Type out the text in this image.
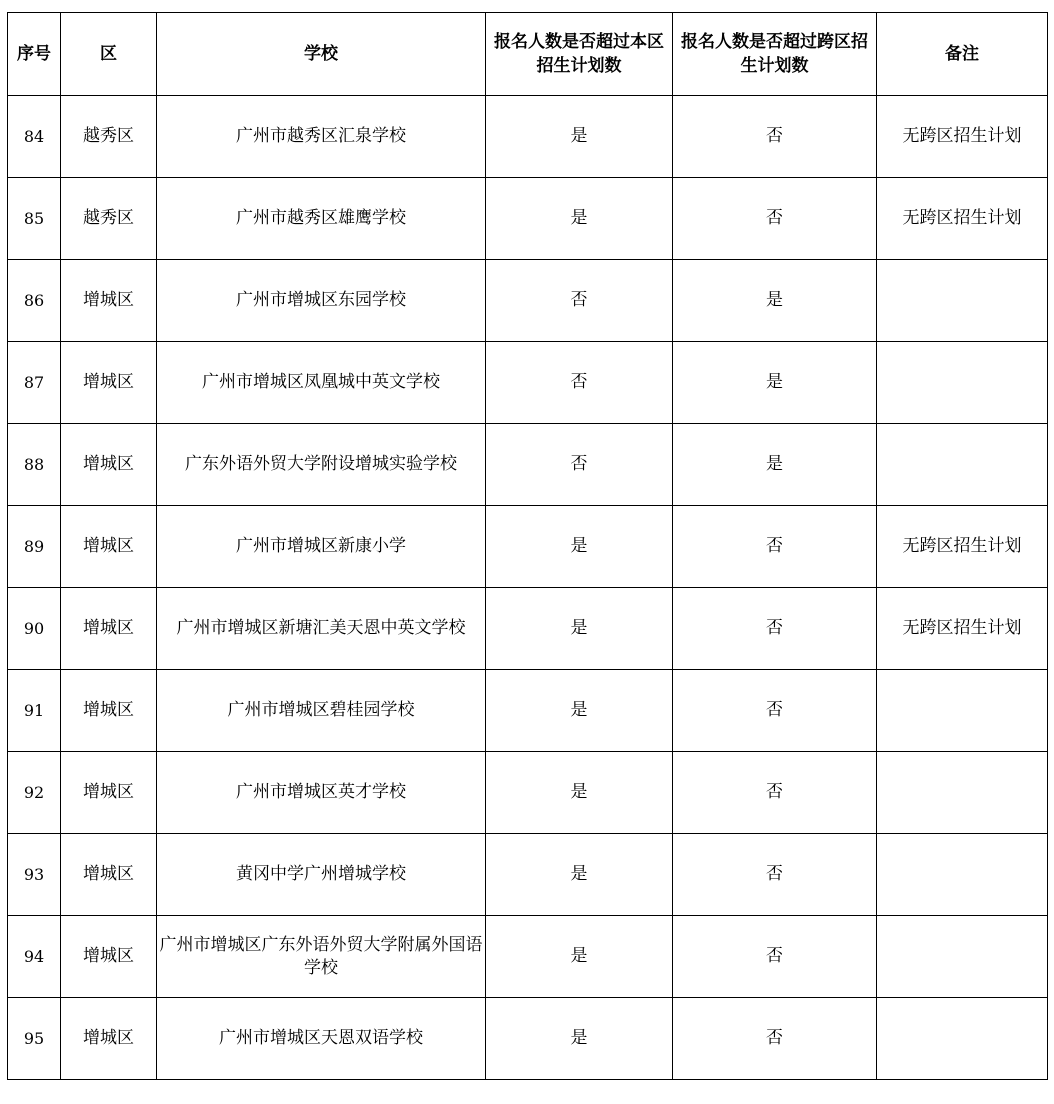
序号	区	学校	报名人数是否超过本区招生计划数	报名人数是否超过跨区招生计划数	备注
84	越秀区	广州市越秀区汇泉学校	是	否	无跨区招生计划
85	越秀区	广州市越秀区雄鹰学校	是	否	无跨区招生计划
86	增城区	广州市增城区东园学校	否	是	
87	增城区	广州市增城区凤凰城中英文学校	否	是	
88	增城区	广东外语外贸大学附设增城实验学校	否	是	
89	增城区	广州市增城区新康小学	是	否	无跨区招生计划
90	增城区	广州市增城区新塘汇美天恩中英文学校	是	否	无跨区招生计划
91	增城区	广州市增城区碧桂园学校	是	否	
92	增城区	广州市增城区英才学校	是	否	
93	增城区	黄冈中学广州增城学校	是	否	
94	增城区	广州市增城区广东外语外贸大学附属外国语学校	是	否	
95	增城区	广州市增城区天恩双语学校	是	否	
